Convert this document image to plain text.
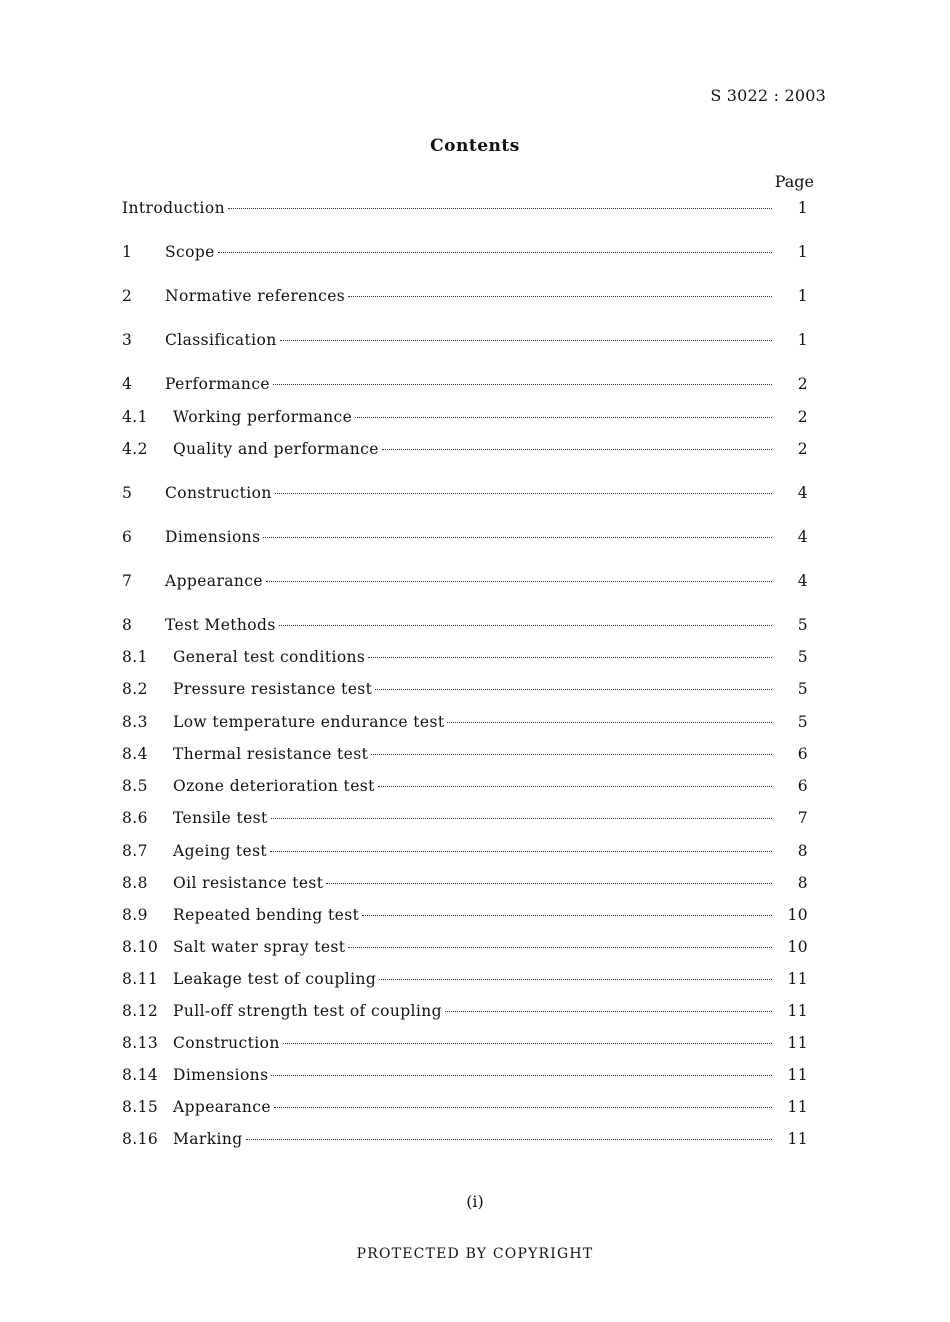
S 3022 : 2003
Contents
Page
Introduction	1
1	Scope	1
2	Normative references	1
3	Classification	1
4	Performance	2
4.1	Working performance	2
4.2	Quality and performance	2
5	Construction	4
6	Dimensions	4
7	Appearance	4
8	Test Methods	5
8.1	General test conditions	5
8.2	Pressure resistance test	5
8.3	Low temperature endurance test	5
8.4	Thermal resistance test	6
8.5	Ozone deterioration test	6
8.6	Tensile test	7
8.7	Ageing test	8
8.8	Oil resistance test	8
8.9	Repeated bending test	10
8.10 Salt water spray test	10
8.11 Leakage test of coupling	11
8.12 Pull-off strength test of coupling	11
8.13 Construction	11
8.14 Dimensions	11
8.15 Appearance	11
8.16 Marking	11
(i)
PROTECTED BY COPYRIGHT
